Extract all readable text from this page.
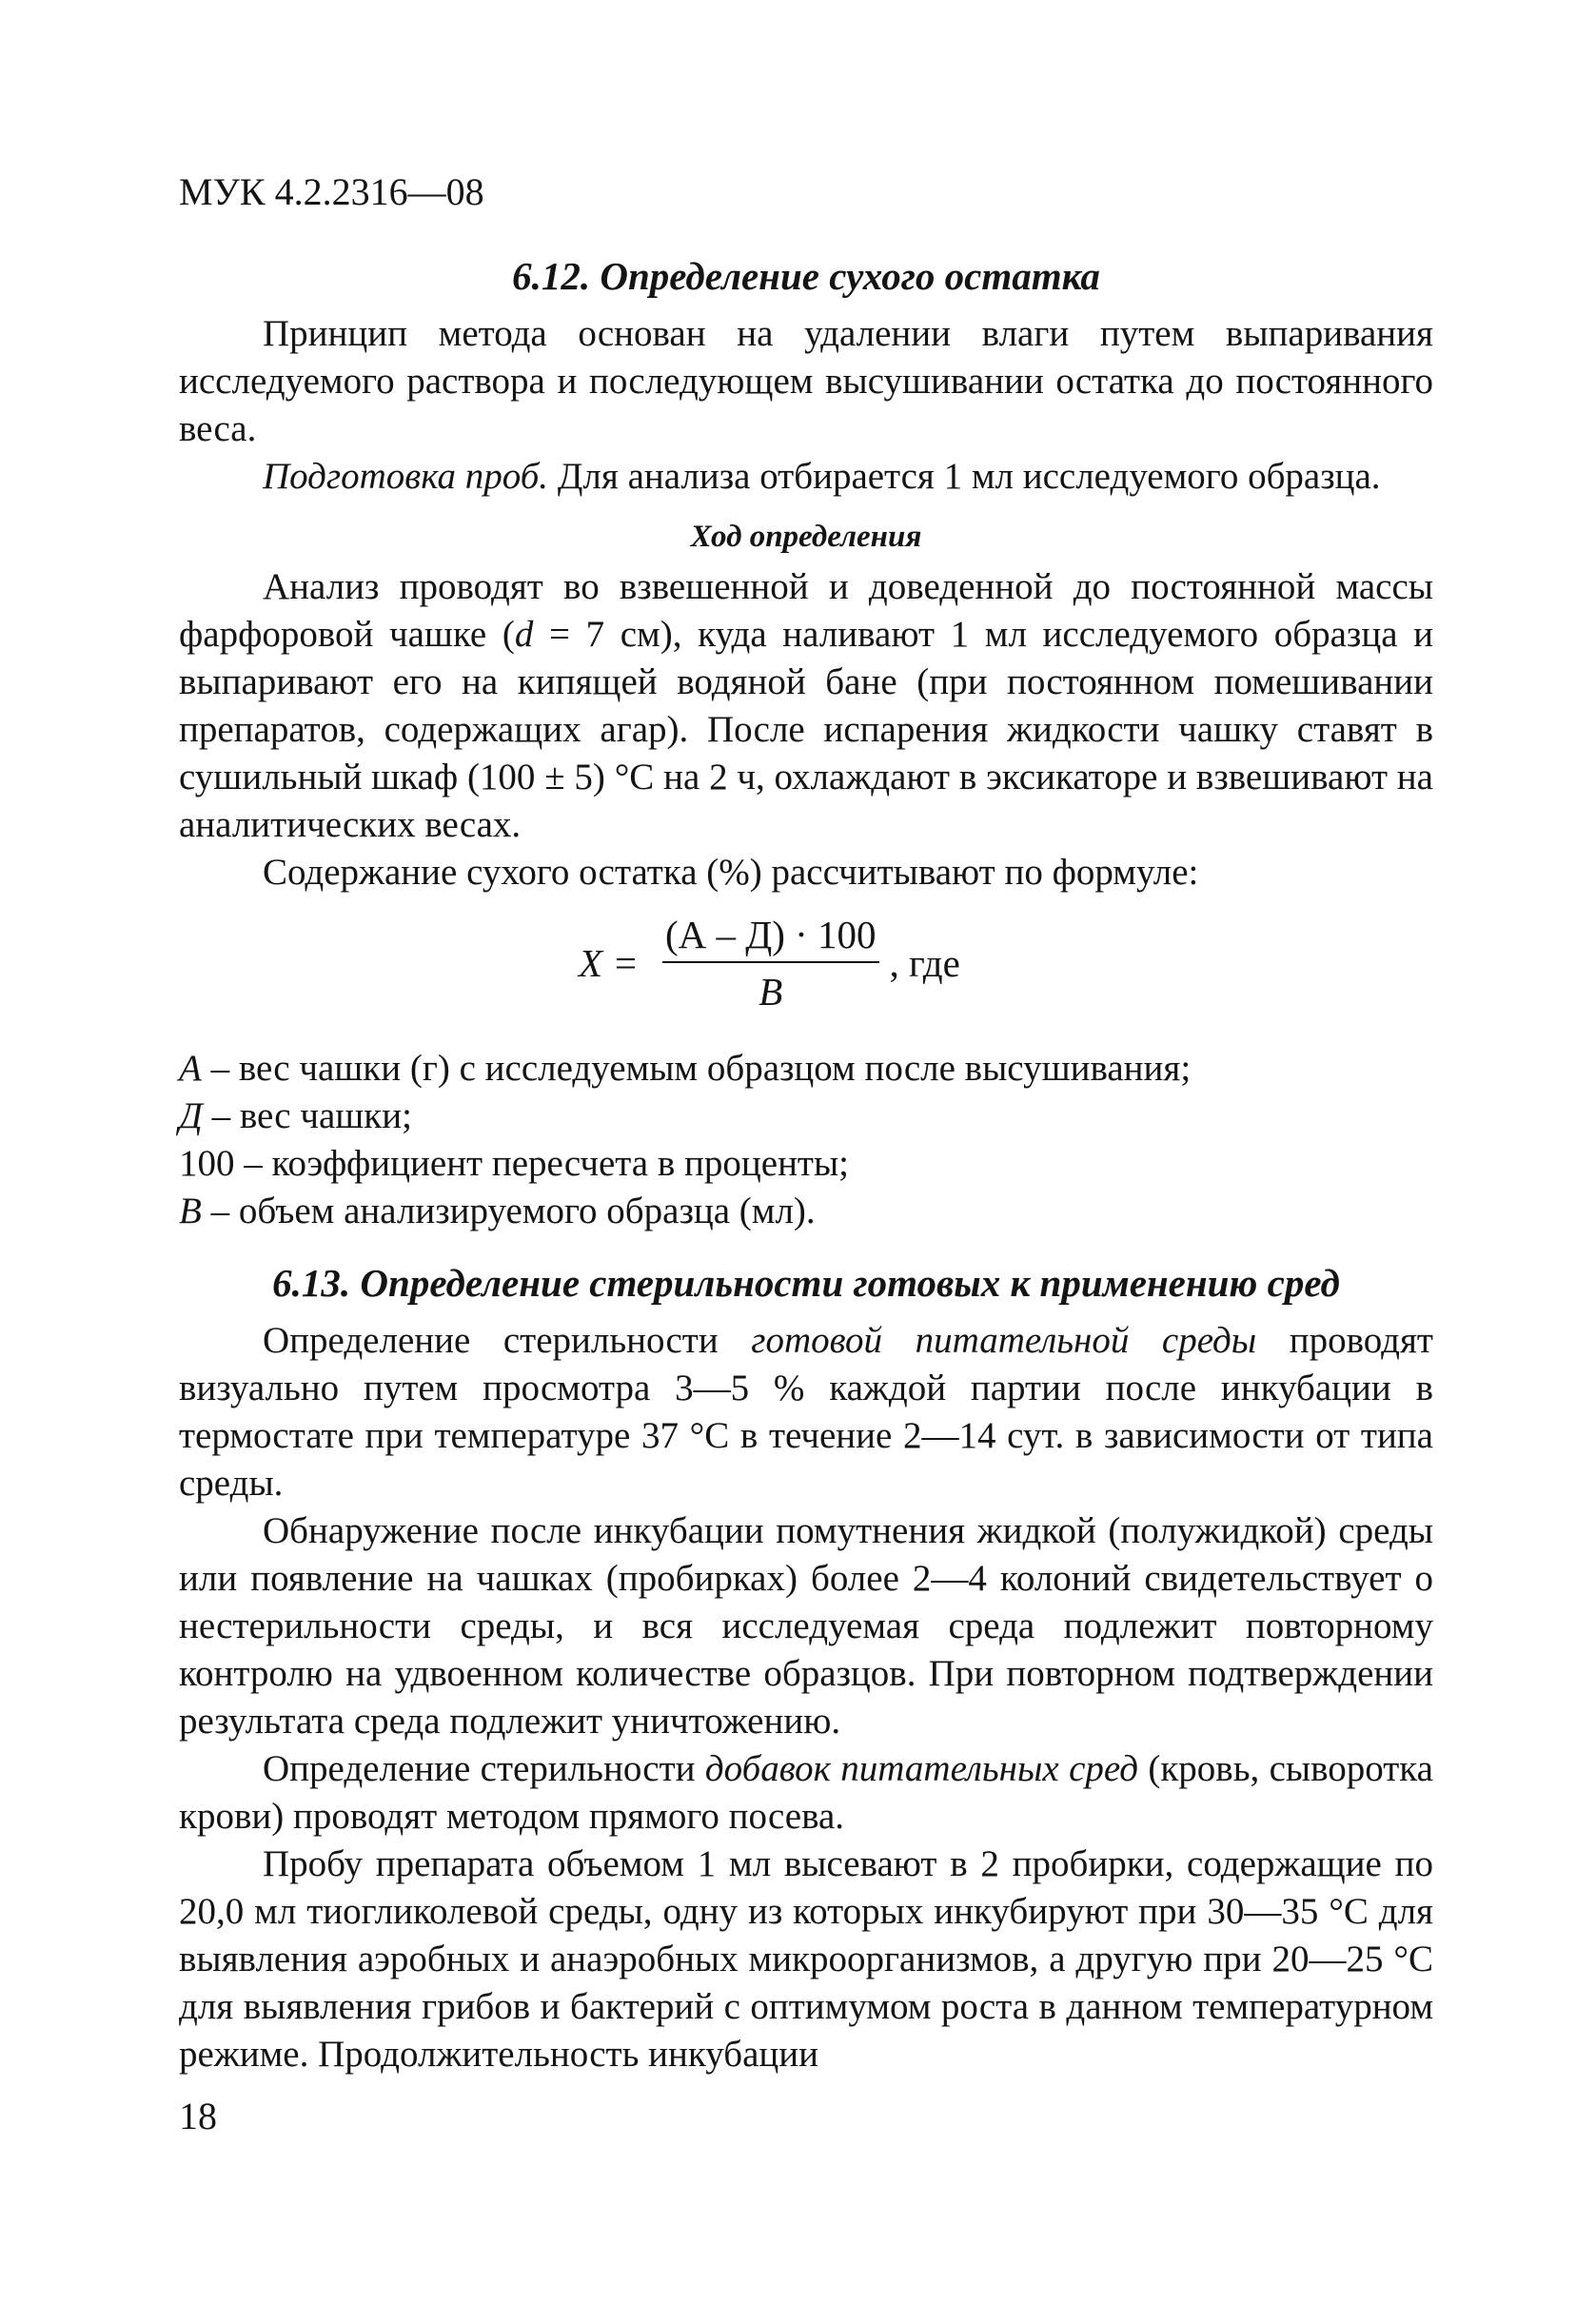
МУК 4.2.2316—08
6.12. Определение сухого остатка

Принцип метода основан на удалении влаги путем выпаривания исследуемого раствора и последующем высушивании остатка до постоянного веса.

Подготовка проб. Для анализа отбирается 1 мл исследуемого образца.

Ход определения

Анализ проводят во взвешенной и доведенной до постоянной массы фарфоровой чашке (d = 7 см), куда наливают 1 мл исследуемого образца и выпаривают его на кипящей водяной бане (при постоянном помешивании препаратов, содержащих агар). После испарения жидкости чашку ставят в сушильный шкаф (100 ± 5) °С на 2 ч, охлаждают в эксикаторе и взвешивают на аналитических весах.

Содержание сухого остатка (%) рассчитывают по формуле:

$X = \frac{(А - Д) \cdot 100}{В}$ , где

А – вес чашки (г) с исследуемым образцом после высушивания;

Д – вес чашки;

100 – коэффициент пересчета в проценты;

В – объем анализируемого образца (мл).

6.13. Определение стерильности готовых к применению сред

Определение стерильности готовой питательной среды проводят визуально путем просмотра 3—5 % каждой партии после инкубации в термостате при температуре 37 °С в течение 2—14 сут. в зависимости от типа среды.

Обнаружение после инкубации помутнения жидкой (полужидкой) среды или появление на чашках (пробирках) более 2—4 колоний свидетельствует о нестерильности среды, и вся исследуемая среда подлежит повторному контролю на удвоенном количестве образцов. При повторном подтверждении результата среда подлежит уничтожению.

Определение стерильности добавок питательных сред (кровь, сыворотка крови) проводят методом прямого посева.

Пробу препарата объемом 1 мл высевают в 2 пробирки, содержащие по 20,0 мл тиогликолевой среды, одну из которых инкубируют при 30—35 °С для выявления аэробных и анаэробных микроорганизмов, а другую при 20—25 °С для выявления грибов и бактерий с оптимумом роста в данном температурном режиме. Продолжительность инкубации

18
